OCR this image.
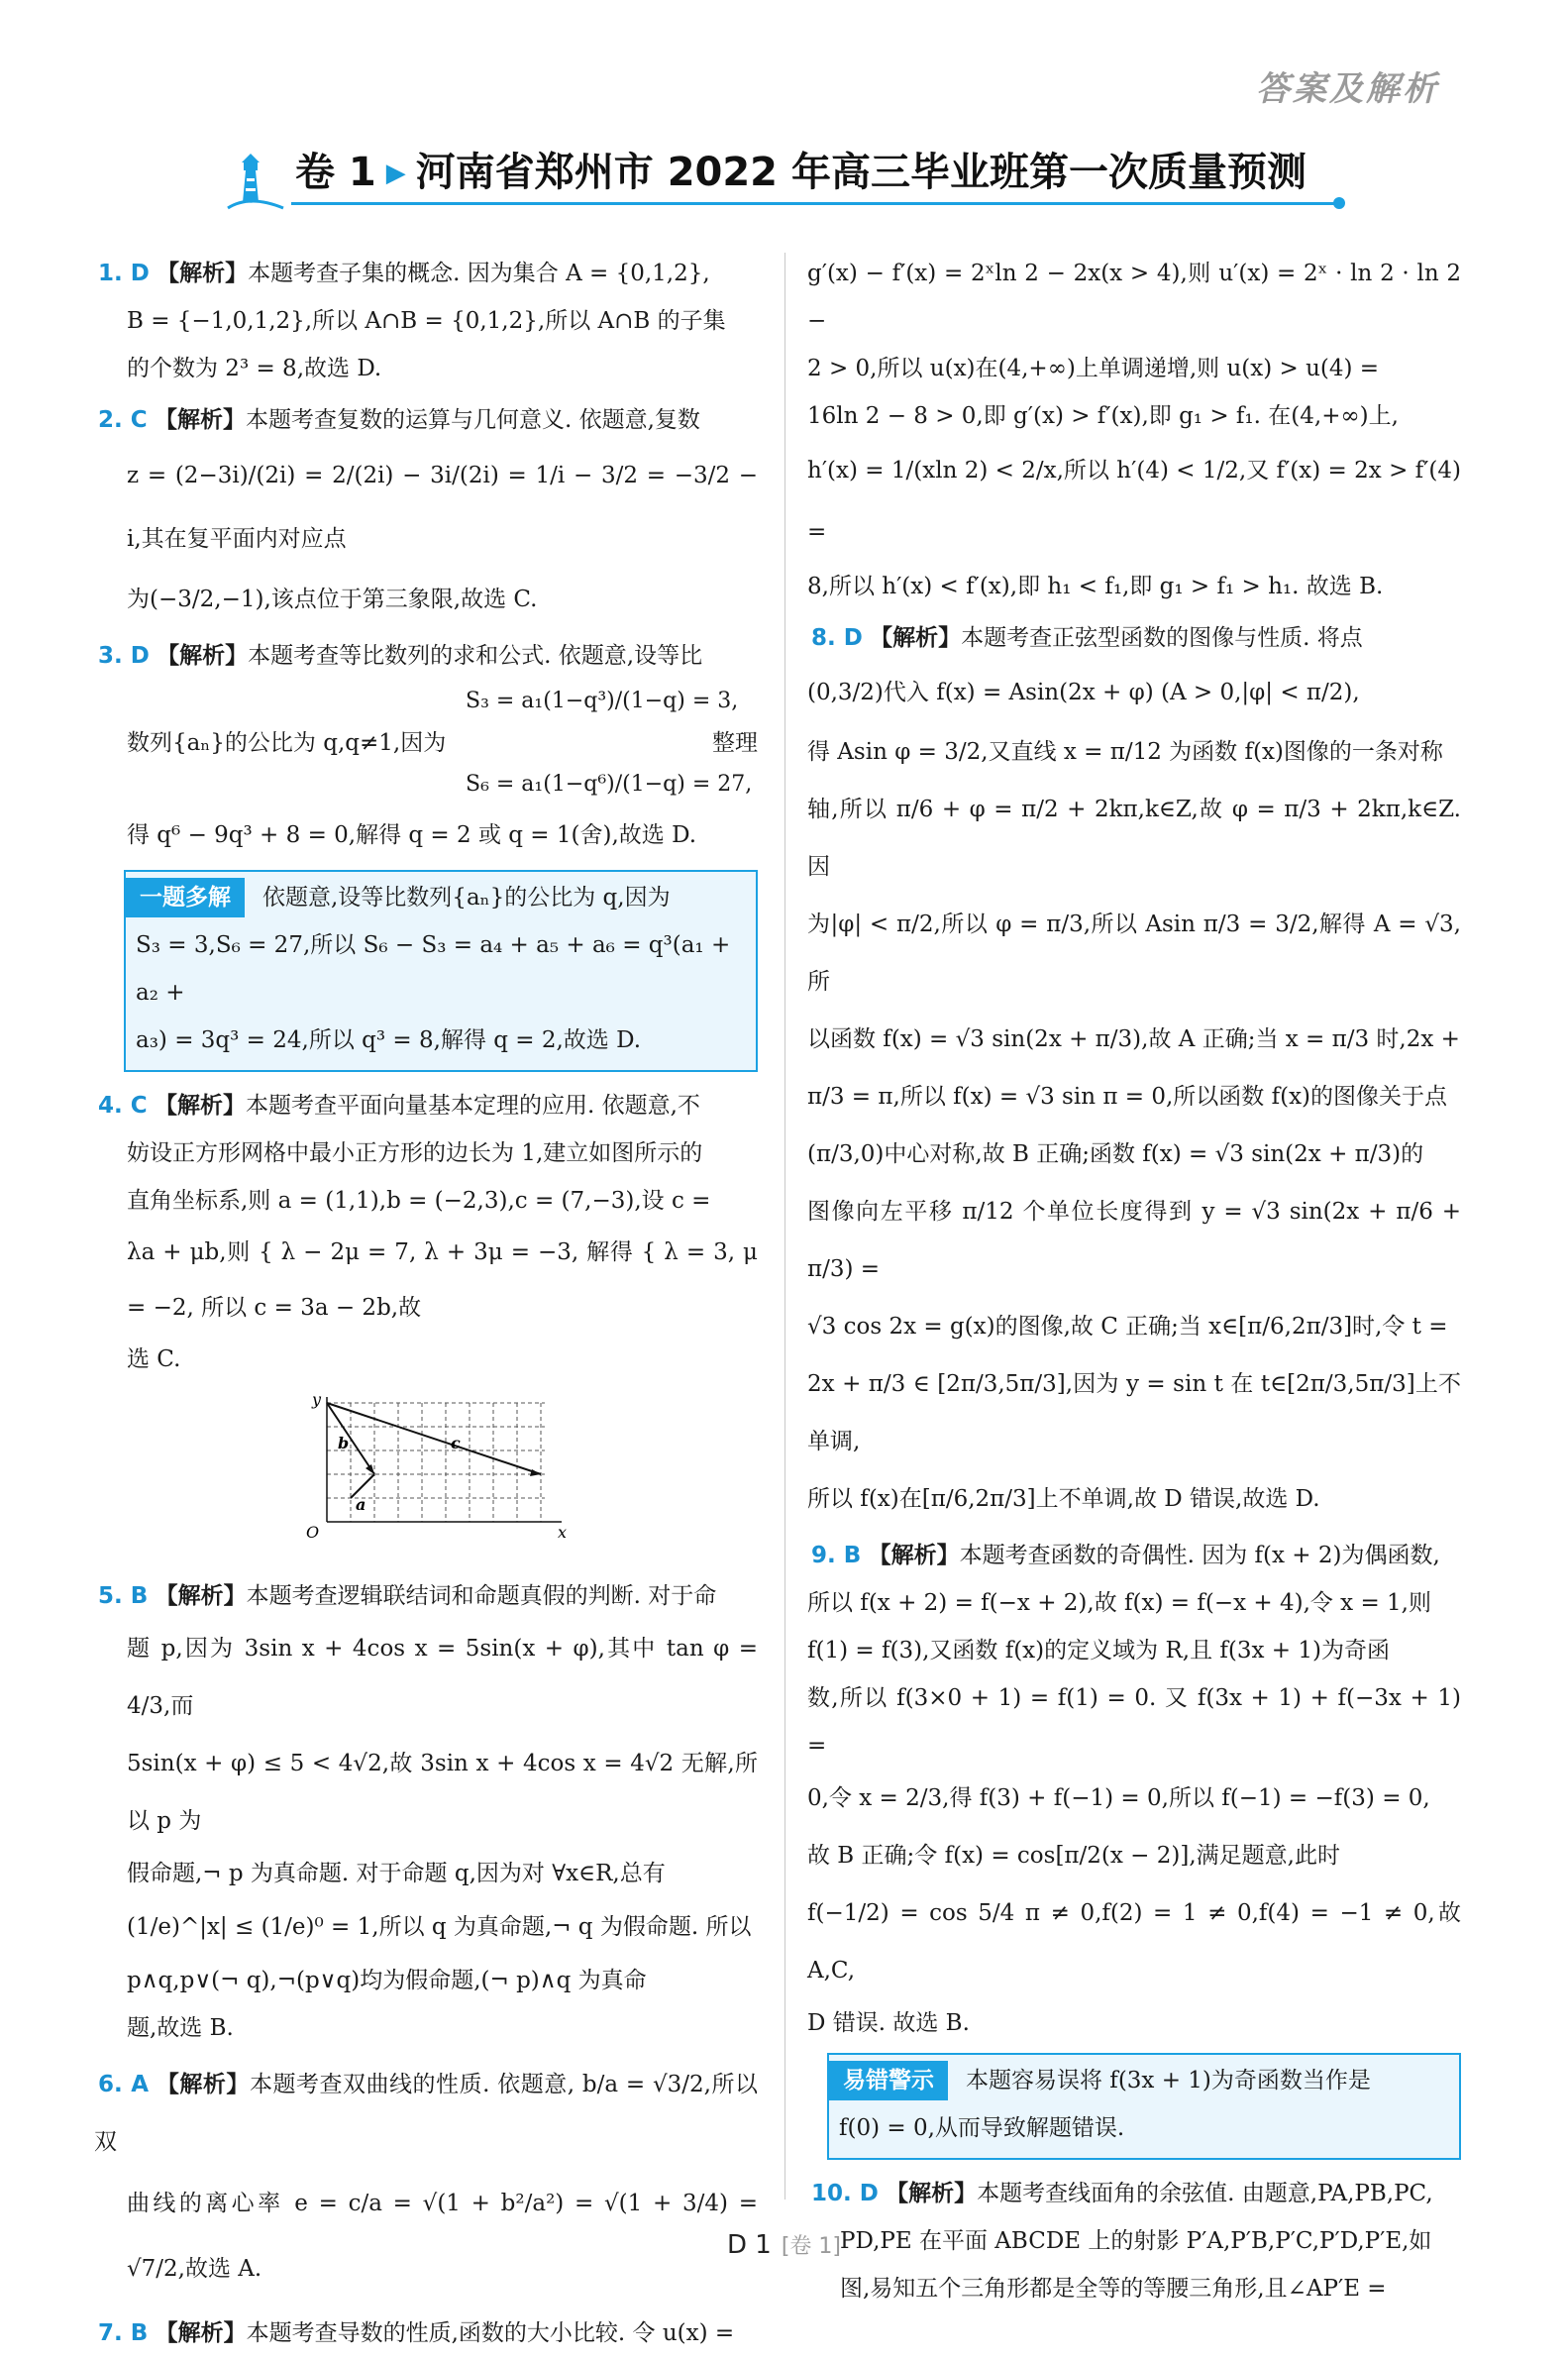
答案及解析
卷 1 ▶ 河南省郑州市 2022 年高三毕业班第一次质量预测
1. D 【解析】本题考查子集的概念. 因为集合 A = {0,1,2},
B = {−1,0,1,2},所以 A∩B = {0,1,2},所以 A∩B 的子集
的个数为 2³ = 8,故选 D.
2. C 【解析】本题考查复数的运算与几何意义. 依题意,复数
z = (2−3i)/(2i) = 2/(2i) − 3i/(2i) = 1/i − 3/2 = −3/2 − i,其在复平面内对应点
为(−3/2,−1),该点位于第三象限,故选 C.
3. D 【解析】本题考查等比数列的求和公式. 依题意,设等比
S₃ = a₁(1−q³)/(1−q) = 3,
数列{aₙ}的公比为 q,q≠1,因为	整理
S₆ = a₁(1−q⁶)/(1−q) = 27,
得 q⁶ − 9q³ + 8 = 0,解得 q = 2 或 q = 1(舍),故选 D.
一题多解 依题意,设等比数列{aₙ}的公比为 q,因为

S₃ = 3,S₆ = 27,所以 S₆ − S₃ = a₄ + a₅ + a₆ = q³(a₁ + a₂ +

a₃) = 3q³ = 24,所以 q³ = 8,解得 q = 2,故选 D.

4. C 【解析】本题考查平面向量基本定理的应用. 依题意,不
妨设正方形网格中最小正方形的边长为 1,建立如图所示的
直角坐标系,则 a = (1,1),b = (−2,3),c = (7,−3),设 c =
λa + μb,则 { λ − 2μ = 7, λ + 3μ = −3, 解得 { λ = 3, μ = −2, 所以 c = 3a − 2b,故
选 C.
y
x
O
a
b	c
5. B 【解析】本题考查逻辑联结词和命题真假的判断. 对于命
题 p,因为 3sin x + 4cos x = 5sin(x + φ),其中 tan φ = 4/3,而
5sin(x + φ) ≤ 5 < 4√2,故 3sin x + 4cos x = 4√2 无解,所以 p 为
假命题,¬ p 为真命题. 对于命题 q,因为对 ∀x∈R,总有
(1/e)^|x| ≤ (1/e)⁰ = 1,所以 q 为真命题,¬ q 为假命题. 所以
p∧q,p∨(¬ q),¬(p∨q)均为假命题,(¬ p)∧q 为真命
题,故选 B.
6. A 【解析】本题考查双曲线的性质. 依题意, b/a = √3/2,所以双
曲线的离心率 e = c/a = √(1 + b²/a²) = √(1 + 3/4) = √7/2,故选 A.
7. B 【解析】本题考查导数的性质,函数的大小比较. 令 u(x) =
g′(x) − f′(x) = 2ˣln 2 − 2x(x > 4),则 u′(x) = 2ˣ · ln 2 · ln 2 −
2 > 0,所以 u(x)在(4,+∞)上单调递增,则 u(x) > u(4) =
16ln 2 − 8 > 0,即 g′(x) > f′(x),即 g₁ > f₁. 在(4,+∞)上,
h′(x) = 1/(xln 2) < 2/x,所以 h′(4) < 1/2,又 f′(x) = 2x > f′(4) =
8,所以 h′(x) < f′(x),即 h₁ < f₁,即 g₁ > f₁ > h₁. 故选 B.
8. D 【解析】本题考查正弦型函数的图像与性质. 将点
(0,3/2)代入 f(x) = Asin(2x + φ) (A > 0,|φ| < π/2),
得 Asin φ = 3/2,又直线 x = π/12 为函数 f(x)图像的一条对称
轴,所以 π/6 + φ = π/2 + 2kπ,k∈Z,故 φ = π/3 + 2kπ,k∈Z. 因
为|φ| < π/2,所以 φ = π/3,所以 Asin π/3 = 3/2,解得 A = √3,所
以函数 f(x) = √3 sin(2x + π/3),故 A 正确;当 x = π/3 时,2x +
π/3 = π,所以 f(x) = √3 sin π = 0,所以函数 f(x)的图像关于点
(π/3,0)中心对称,故 B 正确;函数 f(x) = √3 sin(2x + π/3)的
图像向左平移 π/12 个单位长度得到 y = √3 sin(2x + π/6 + π/3) =
√3 cos 2x = g(x)的图像,故 C 正确;当 x∈[π/6,2π/3]时,令 t =
2x + π/3 ∈ [2π/3,5π/3],因为 y = sin t 在 t∈[2π/3,5π/3]上不单调,
所以 f(x)在[π/6,2π/3]上不单调,故 D 错误,故选 D.
9. B 【解析】本题考查函数的奇偶性. 因为 f(x + 2)为偶函数,
所以 f(x + 2) = f(−x + 2),故 f(x) = f(−x + 4),令 x = 1,则
f(1) = f(3),又函数 f(x)的定义域为 R,且 f(3x + 1)为奇函
数,所以 f(3×0 + 1) = f(1) = 0. 又 f(3x + 1) + f(−3x + 1) =
0,令 x = 2/3,得 f(3) + f(−1) = 0,所以 f(−1) = −f(3) = 0,
故 B 正确;令 f(x) = cos[π/2(x − 2)],满足题意,此时
f(−1/2) = cos 5/4 π ≠ 0,f(2) = 1 ≠ 0,f(4) = −1 ≠ 0,故 A,C,
D 错误. 故选 B.
易错警示 本题容易误将 f(3x + 1)为奇函数当作是

f(0) = 0,从而导致解题错误.

10. D 【解析】本题考查线面角的余弦值. 由题意,PA,PB,PC,
PD,PE 在平面 ABCDE 上的射影 P′A,P′B,P′C,P′D,P′E,如
图,易知五个三角形都是全等的等腰三角形,且∠AP′E =
D 1 [卷 1]
